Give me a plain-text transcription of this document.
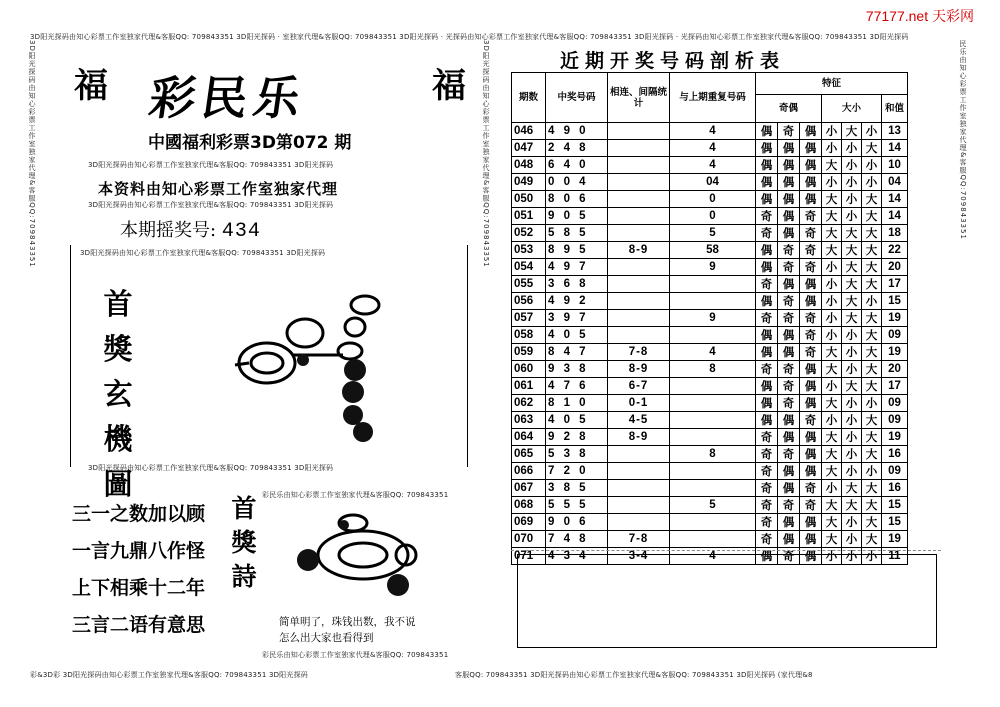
77177.net 天彩网
3D阳光探码由知心彩票工作室独家代理&客服QQ: 709843351 3D阳光探码 · 室独家代理&客服QQ: 709843351 3D阳光探码 · 光探码由知心彩票工作室独家代理&客服QQ: 709843351 3D阳光探码 · 光探码由知心彩票工作室独家代理&客服QQ: 709843351 3D阳光探码
彩&3D彩 3D阳光探码由知心彩票工作室独家代理&客服QQ: 709843351 3D阳光探码	客服QQ: 709843351 3D阳光探码由知心彩票工作室独家代理&客服QQ: 709843351 3D阳光探码 (家代理&8
3D阳光探码由知心彩票工作室独家代理&客服QQ:709843351	3D阳光探码由知心彩票工作室独家代理&客服QQ:709843351	民乐由知心彩票工作室独家代理&客服QQ:709843351
福	福
彩民乐
中國福利彩票3D第072 期
3D阳光探码由知心彩票工作室独家代理&客服QQ: 709843351 3D阳光探码
本资料由知心彩票工作室独家代理
3D阳光探码由知心彩票工作室独家代理&客服QQ: 709843351 3D阳光探码
本期摇奖号: 434
3D阳光探码由知心彩票工作室独家代理&客服QQ: 709843351 3D阳光探码
首
獎
玄
機
圖
3D阳光探码由知心彩票工作室独家代理&客服QQ: 709843351 3D阳光探码
三一之数加以顾
一言九鼎八作怪
上下相乘十二年
三言二语有意思
首
獎
詩
彩民乐由知心彩票工作室独家代理&客服QQ: 709843351
彩民乐由知心彩票工作室独家代理&客服QQ: 709843351
简单明了，珠钱出数，我不说
怎么出大家也看得到
近期开奖号码剖析表
期数	中奖号码	相连、间隔统计	与上期重复号码	特征						
				奇偶			大小			和值
046	4 9 0		4	偶	奇	偶	小	大	小	13
047	2 4 8		4	偶	偶	偶	小	小	大	14
048	6 4 0		4	偶	偶	偶	大	小	小	10
049	0 0 4		04	偶	偶	偶	小	小	小	04
050	8 0 6		0	偶	偶	偶	大	小	大	14
051	9 0 5		0	奇	偶	奇	大	小	大	14
052	5 8 5		5	奇	偶	奇	大	大	大	18
053	8 9 5	8-9	58	偶	奇	奇	大	大	大	22
054	4 9 7		9	偶	奇	奇	小	大	大	20
055	3 6 8			奇	偶	偶	小	大	大	17
056	4 9 2			偶	奇	偶	小	大	小	15
057	3 9 7		9	奇	奇	奇	小	大	大	19
058	4 0 5			偶	偶	奇	小	小	大	09
059	8 4 7	7-8	4	偶	偶	奇	大	小	大	19
060	9 3 8	8-9	8	奇	奇	偶	大	小	大	20
061	4 7 6	6-7		偶	奇	偶	小	大	大	17
062	8 1 0	0-1		偶	奇	偶	大	小	小	09
063	4 0 5	4-5		偶	偶	奇	小	小	大	09
064	9 2 8	8-9		奇	偶	偶	大	小	大	19
065	5 3 8		8	奇	奇	偶	大	小	大	16
066	7 2 0			奇	偶	偶	大	小	小	09
067	3 8 5			奇	偶	奇	小	大	大	16
068	5 5 5		5	奇	奇	奇	大	大	大	15
069	9 0 6			奇	偶	偶	大	小	大	15
070	7 4 8	7-8		奇	偶	偶	大	小	大	19
071	4 3 4	3-4	4	偶	奇	偶	小	小	小	11
